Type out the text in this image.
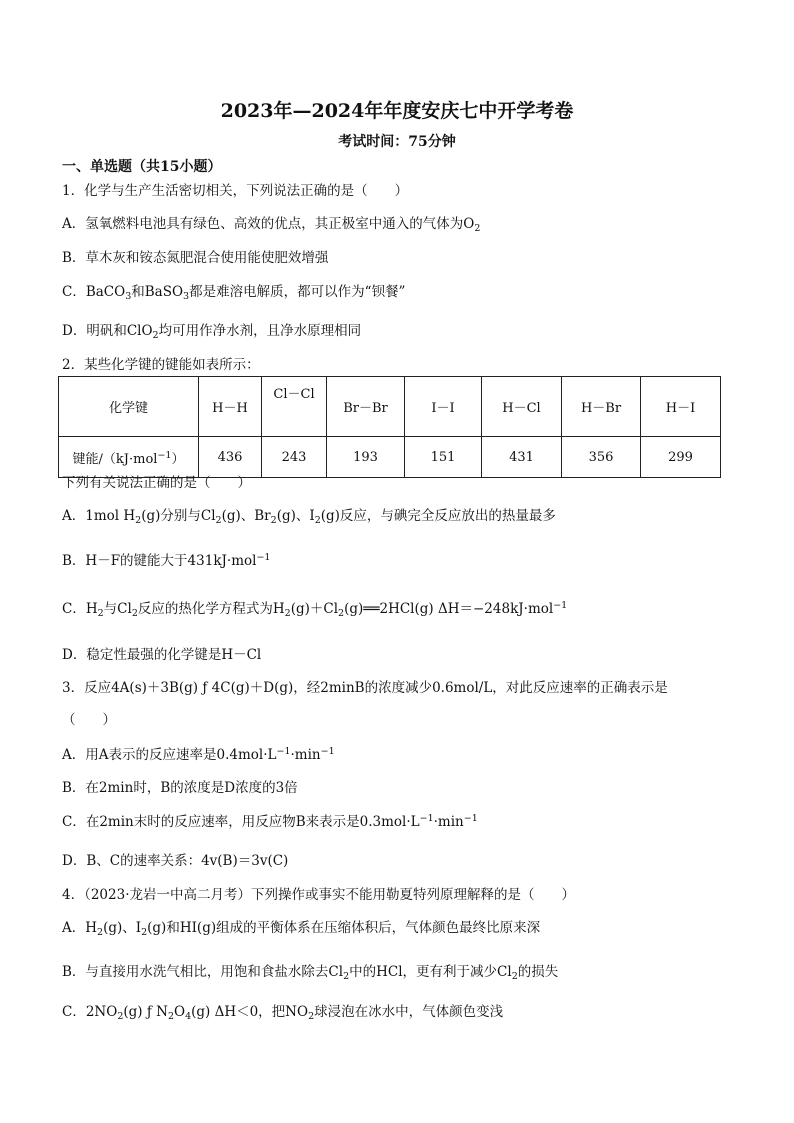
2023年—2024年年度安庆七中开学考卷
考试时间：75分钟
一、单选题（共15小题）
1．化学与生产生活密切相关，下列说法正确的是（　　）
A．氢氧燃料电池具有绿色、高效的优点，其正极室中通入的气体为$O_2$
B．草木灰和铵态氮肥混合使用能使肥效增强
C．BaCO$_3$和BaSO$_3$都是难溶电解质，都可以作为“钡餐”
D．明矾和ClO$_2$均可用作净水剂，且净水原理相同
2．某些化学键的键能如表所示：
化学键	H－H	Cl－Cl	Br－Br	I－I	H－Cl	H－Br	H－I
键能/（kJ·mol$^{-1}$）	436	243	193	151	431	356	299
下列有关说法正确的是（　　）
A．1mol $H_2(g)$分别与$Cl_2(g)$、$Br_2(g)$、$I_2(g)$反应，与碘完全反应放出的热量最多
B．H－F的键能大于431kJ·mol$^{-1}$
C．$H_2$与$Cl_2$反应的热化学方程式为$H_2(g)+Cl_2(g)══2HCl(g)$ ΔH＝−248kJ·mol$^{-1}$
D．稳定性最强的化学键是H－Cl
3．反应4A(s)＋3B(g) ƒ 4C(g)＋D(g)，经2minB的浓度减少0.6mol/L，对此反应速率的正确表示是
（　　）
A．用A表示的反应速率是$0.4mol\cdot L^{-1}\cdot\min^{-1}$
B．在2min时，B的浓度是D浓度的3倍
C．在2min末时的反应速率，用反应物B来表示是$0.3mol\cdot L^{-1}\cdot\min^{-1}$
D．B、C的速率关系：4v(B)＝3v(C)
4．（2023·龙岩一中高二月考）下列操作或事实不能用勒夏特列原理解释的是（　　）
A．$H_2(g)$、$I_2(g)$和HI(g)组成的平衡体系在压缩体积后，气体颜色最终比原来深
B．与直接用水洗气相比，用饱和食盐水除去$Cl_2$中的HCl，更有利于减少$Cl_2$的损失
C．$2NO_2(g)$ ƒ $N_2O_4(g)$ ΔH＜0，把$NO_2$球浸泡在冰水中，气体颜色变浅
